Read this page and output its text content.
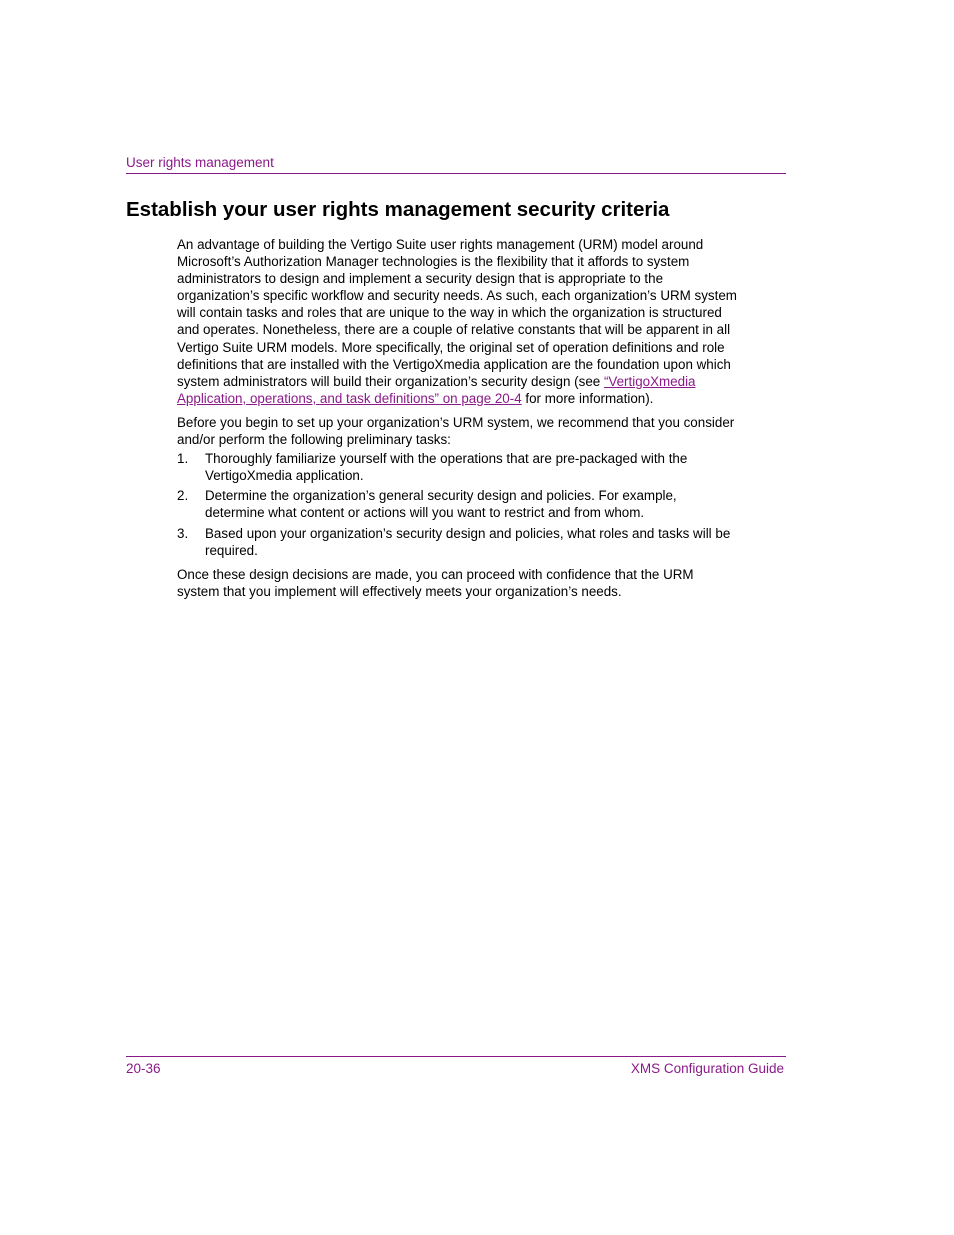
User rights management
Establish your user rights management security criteria

An advantage of building the Vertigo Suite user rights management (URM) model around Microsoft’s Authorization Manager technologies is the flexibility that it affords to system administrators to design and implement a security design that is appropriate to the organization’s specific workflow and security needs. As such, each organization’s URM system will contain tasks and roles that are unique to the way in which the organization is structured and operates. Nonetheless, there are a couple of relative constants that will be apparent in all Vertigo Suite URM models. More specifically, the original set of operation definitions and role definitions that are installed with the VertigoXmedia application are the foundation upon which system administrators will build their organization’s security design (see “VertigoXmedia Application, operations, and task definitions” on page 20-4 for more information).

Before you begin to set up your organization’s URM system, we recommend that you consider and/or perform the following preliminary tasks:

1. Thoroughly familiarize yourself with the operations that are pre-packaged with the VertigoXmedia application.
2. Determine the organization’s general security design and policies. For example, determine what content or actions will you want to restrict and from whom.
3. Based upon your organization’s security design and policies, what roles and tasks will be required.

Once these design decisions are made, you can proceed with confidence that the URM system that you implement will effectively meets your organization’s needs.

20-36	XMS Configuration Guide
